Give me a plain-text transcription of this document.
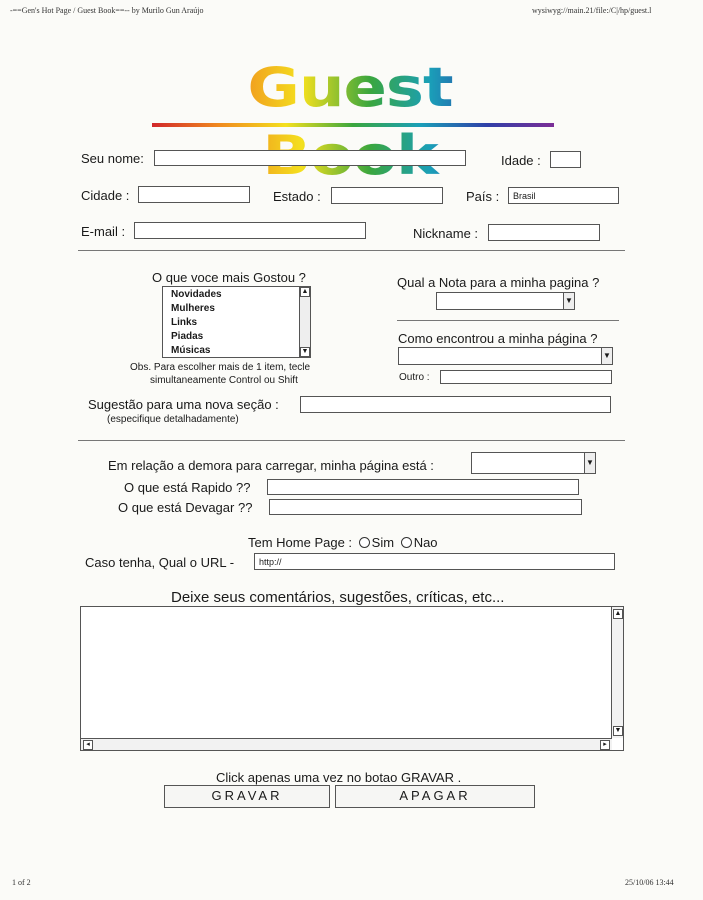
-==Gen's Hot Page / Guest Book==-- by Murilo Gun Araújo	wysiwyg://main.21/file:/C|/hp/guest.l
Guest
Seu nome:	Idade :
Cidade :	Estado :	País :	Brasil
E-mail :	Nickname :
O que voce mais Gostou ?
Novidades
Mulheres
Links
Piadas
Músicas
▲
▼
Obs. Para escolher mais de 1 item, tecle
simultaneamente Control ou Shift
Qual a Nota para a minha pagina ?
▼
Como encontrou a minha página ?
▼
Outro :
Sugestão para uma nova seção :
(especifique detalhadamente)
Em relação a demora para carregar, minha página está :	▼
O que está Rapido ??
O que está Devagar ??
Tem Home Page : Sim Nao
Caso tenha, Qual o URL -	http://
Deixe seus comentários, sugestões, críticas, etc...
▲
▼
◂	▸
Click apenas uma vez no botao GRAVAR .
GRAVAR	APAGAR
1 of 2	25/10/06 13:44
